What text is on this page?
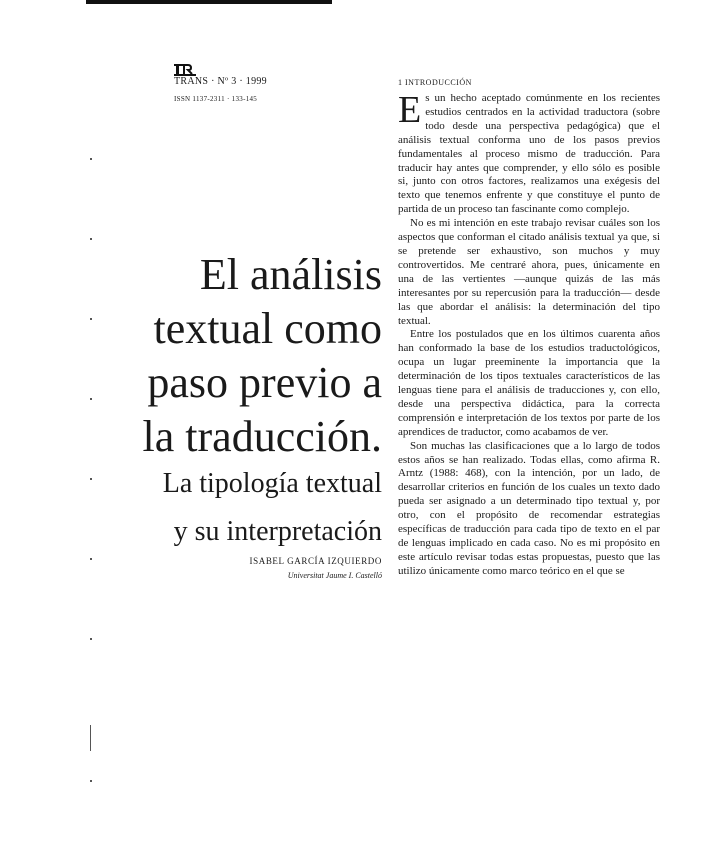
TRANS · Nº 3 · 1999
ISSN 1137-2311 · 133-145
El análisis
textual como
paso previo a
la traducción.
La tipología textual
y su interpretación
ISABEL GARCÍA IZQUIERDO
Universitat Jaume I. Castelló
1 INTRODUCCIÓN

Es un hecho aceptado comúnmente en los recientes estudios centrados en la actividad traductora (sobre todo desde una perspectiva pedagógica) que el análisis textual conforma uno de los pasos previos fundamentales al proceso mismo de traducción. Para traducir hay antes que comprender, y ello sólo es posible si, junto con otros factores, realizamos una exégesis del texto que tenemos enfrente y que constituye el punto de partida de un proceso tan fascinante como complejo.

No es mi intención en este trabajo revisar cuáles son los aspectos que conforman el citado análisis textual ya que, si se pretende ser exhaustivo, son muchos y muy controvertidos. Me centraré ahora, pues, únicamente en una de las vertientes —aunque quizás de las más interesantes por su repercusión para la traducción— desde las que abordar el análisis: la determinación del tipo textual.

Entre los postulados que en los últimos cuarenta años han conformado la base de los estudios traductológicos, ocupa un lugar preeminente la importancia que la determinación de los tipos textuales característicos de las lenguas tiene para el análisis de traducciones y, con ello, desde una perspectiva didáctica, para la correcta comprensión e interpretación de los textos por parte de los aprendices de traductor, como acabamos de ver.

Son muchas las clasificaciones que a lo largo de todos estos años se han realizado. Todas ellas, como afirma R. Arntz (1988: 468), con la intención, por un lado, de desarrollar criterios en función de los cuales un texto dado pueda ser asignado a un determinado tipo textual y, por otro, con el propósito de recomendar estrategias específicas de traducción para cada tipo de texto en el par de lenguas implicado en cada caso. No es mi propósito en este artículo revisar todas estas propuestas, puesto que las utilizo únicamente como marco teórico en el que se
